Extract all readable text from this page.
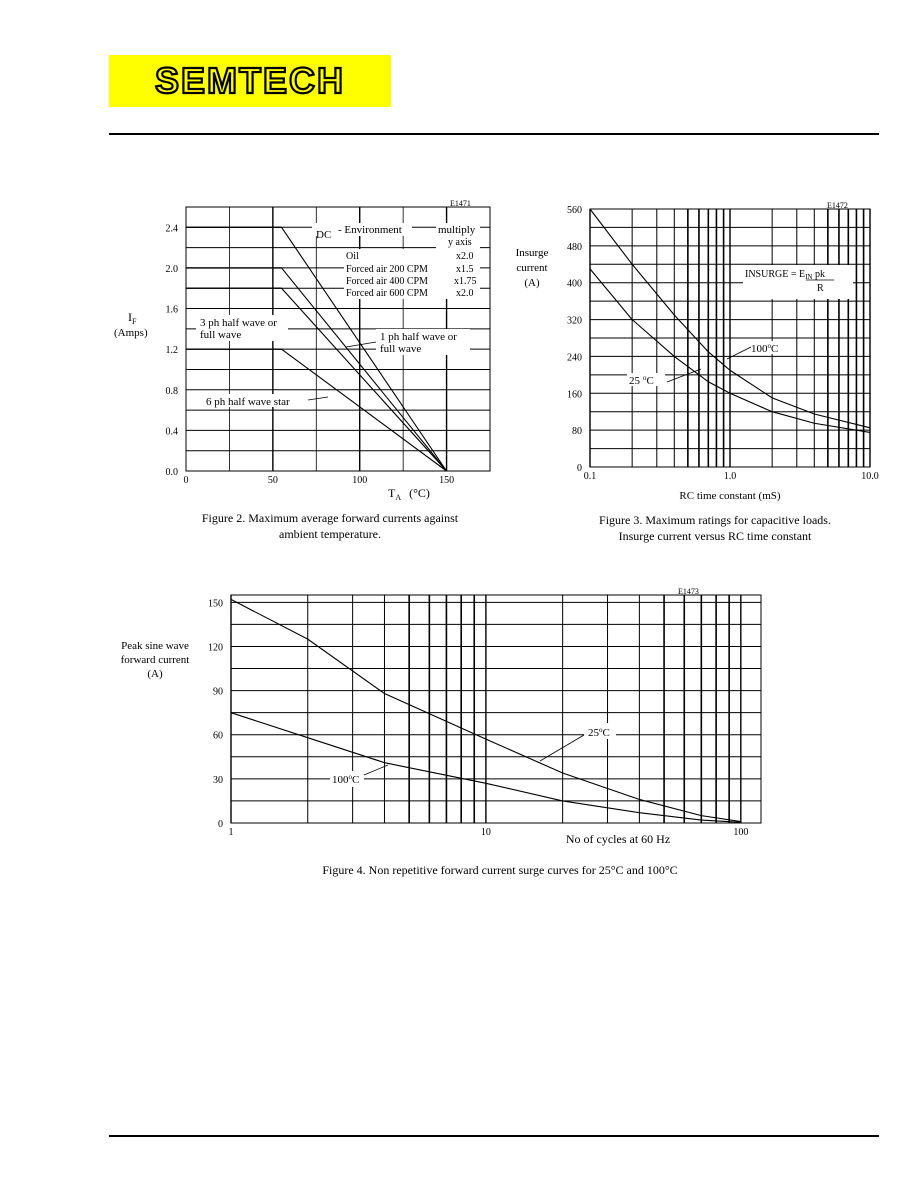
SEMTECH
0	50	100	150
0.0
0.4
0.8
1.2
1.6
2.0
2.4
E1471
$I_F$
(Amps)
$T_A$ (°C)
DC - Environment	multiply
y axis
Oil	x2.0
Forced air 200 CPM	x1.5
Forced air 400 CPM	x1.75
Forced air 600 CPM	x2.0
3 ph half wave or
full wave	1 ph half wave or
full wave
6 ph half wave star
Figure 2. Maximum average forward currents against
ambient temperature.
0.1	1.0	10.0
0
80
160
240
320
400
480
560	E1472
Insurge
current
(A)
RC time constant (mS)
INSURGE = $E_{IN}$ pk
R
100$^o$C
25 $^o$C
Figure 3. Maximum ratings for capacitive loads.
Insurge current versus RC time constant
1	10	100
0
30
60
90
120
150
E1473
Peak sine wave
forward current
(A)
No of cycles at 60 Hz
25$^o$C
100$^o$C
Figure 4. Non repetitive forward current surge curves for 25°C and 100°C
